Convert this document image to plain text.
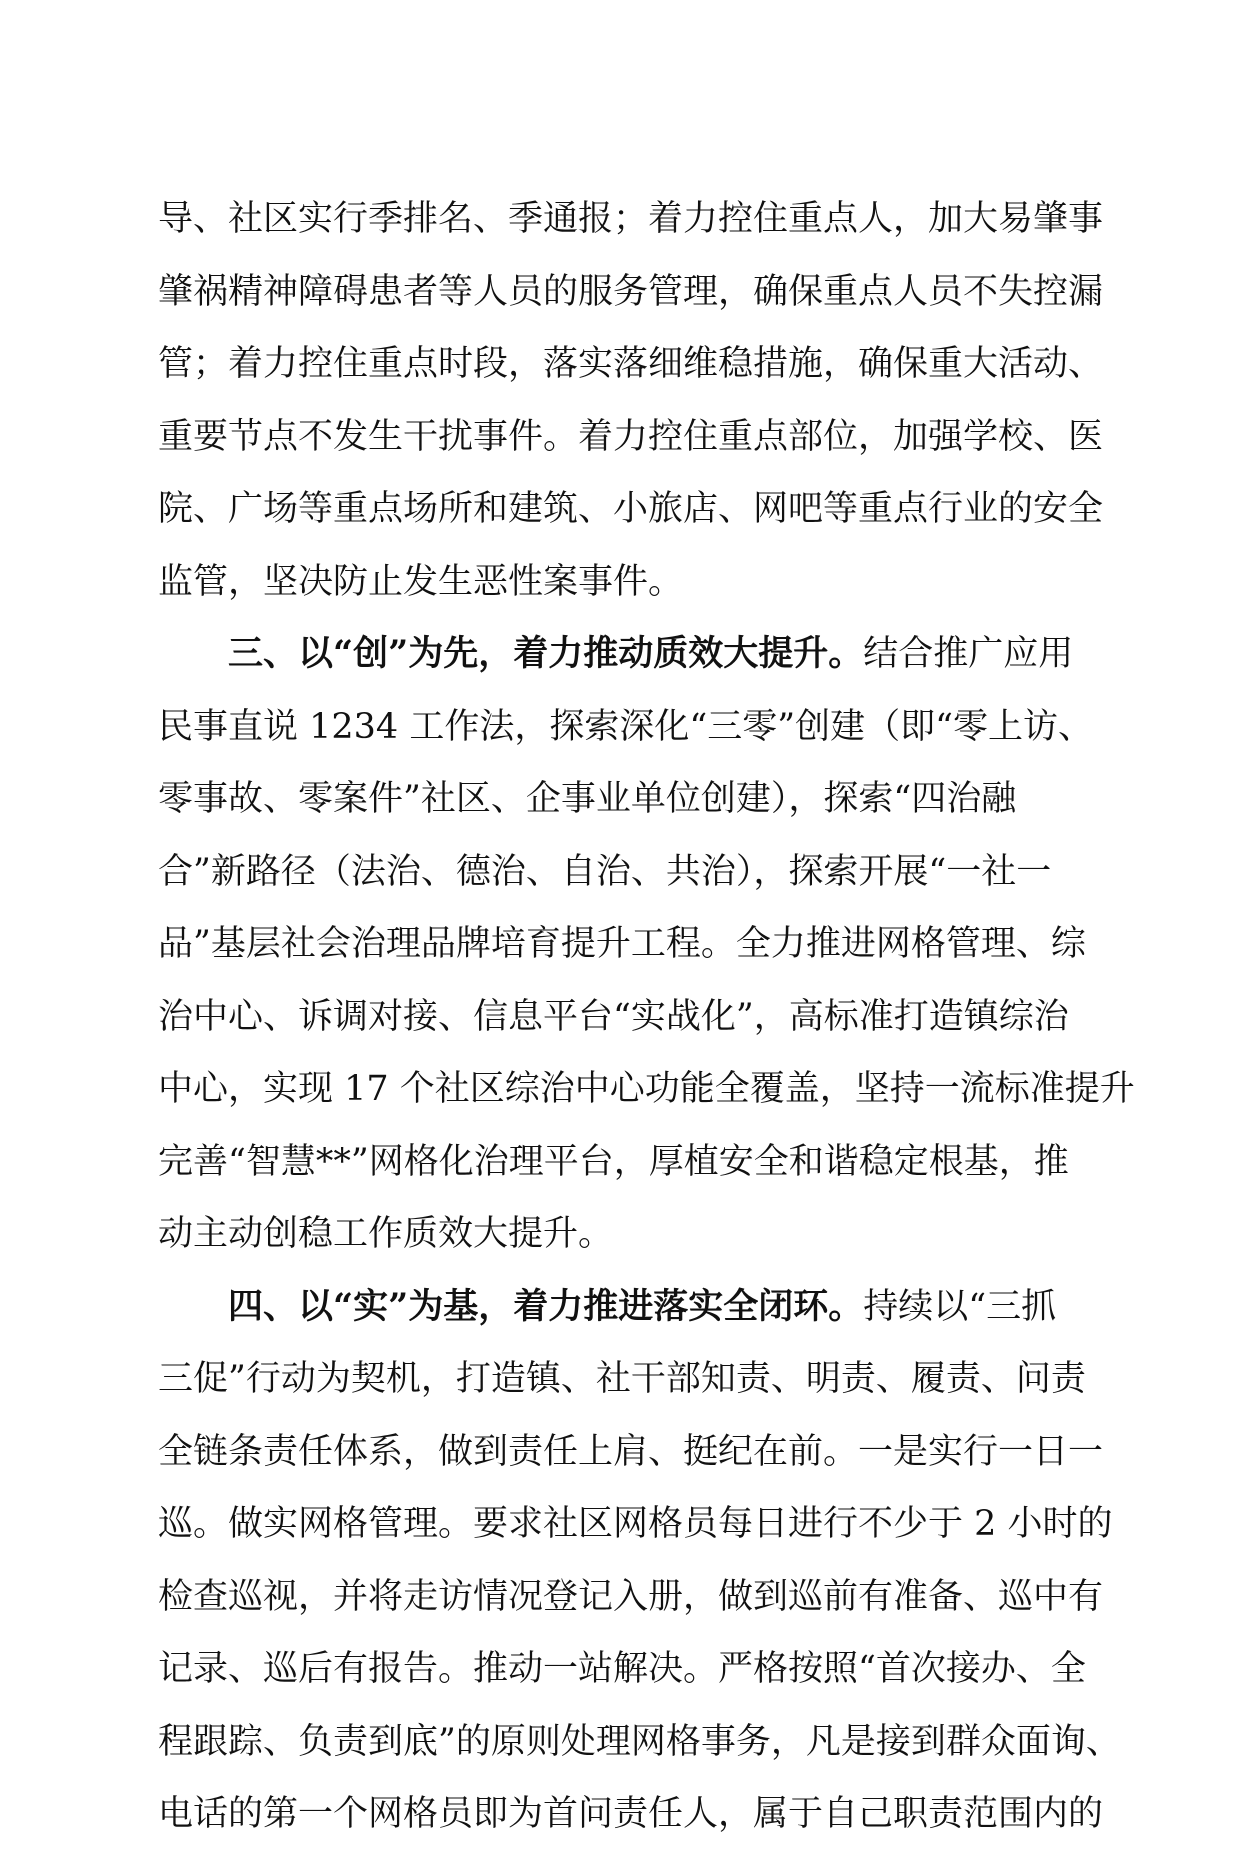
导、社区实行季排名、季通报；着力控住重点人，加大易肇事
肇祸精神障碍患者等人员的服务管理，确保重点人员不失控漏
管；着力控住重点时段，落实落细维稳措施，确保重大活动、
重要节点不发生干扰事件。着力控住重点部位，加强学校、医
院、广场等重点场所和建筑、小旅店、网吧等重点行业的安全
监管，坚决防止发生恶性案事件。
三、以“创”为先，着力推动质效大提升。结合推广应用
民事直说 1234 工作法，探索深化“三零”创建（即“零上访、
零事故、零案件”社区、企事业单位创建），探索“四治融
合”新路径（法治、德治、自治、共治），探索开展“一社一
品”基层社会治理品牌培育提升工程。全力推进网格管理、综
治中心、诉调对接、信息平台“实战化”，高标准打造镇综治
中心，实现 17 个社区综治中心功能全覆盖，坚持一流标准提升
完善“智慧**”网格化治理平台，厚植安全和谐稳定根基，推
动主动创稳工作质效大提升。
四、以“实”为基，着力推进落实全闭环。持续以“三抓
三促”行动为契机，打造镇、社干部知责、明责、履责、问责
全链条责任体系，做到责任上肩、挺纪在前。一是实行一日一
巡。做实网格管理。要求社区网格员每日进行不少于 2 小时的
检查巡视，并将走访情况登记入册，做到巡前有准备、巡中有
记录、巡后有报告。推动一站解决。严格按照“首次接办、全
程跟踪、负责到底”的原则处理网格事务，凡是接到群众面询、
电话的第一个网格员即为首问责任人，属于自己职责范围内的
